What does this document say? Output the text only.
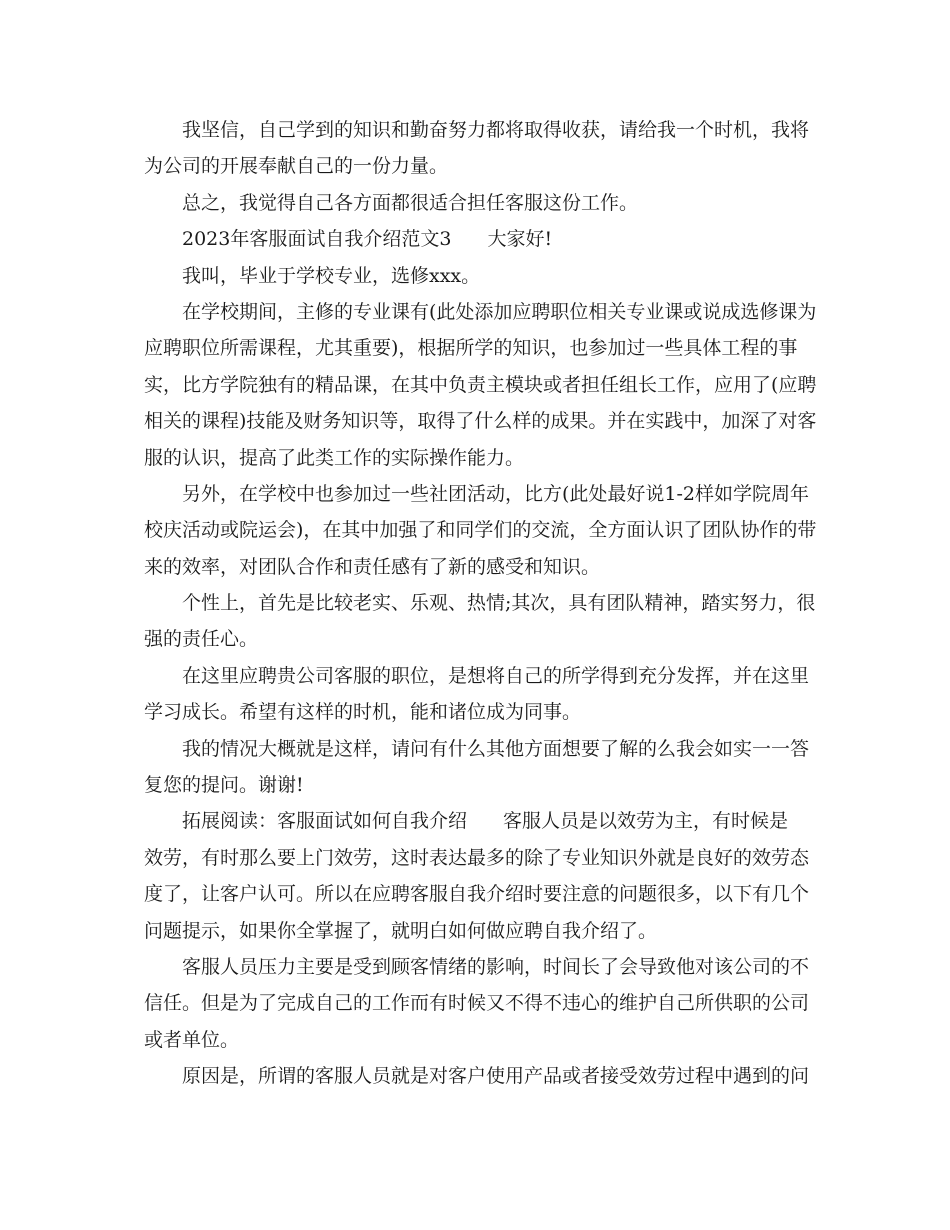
我坚信，自己学到的知识和勤奋努力都将取得收获，请给我一个时机，我将
为公司的开展奉献自己的一份力量。
总之，我觉得自己各方面都很适合担任客服这份工作。
2023年客服面试自我介绍范文3 大家好!
我叫，毕业于学校专业，选修xxx。
在学校期间，主修的专业课有(此处添加应聘职位相关专业课或说成选修课为
应聘职位所需课程，尤其重要)，根据所学的知识，也参加过一些具体工程的事
实，比方学院独有的精品课，在其中负责主模块或者担任组长工作，应用了(应聘
相关的课程)技能及财务知识等，取得了什么样的成果。并在实践中，加深了对客
服的认识，提高了此类工作的实际操作能力。
另外，在学校中也参加过一些社团活动，比方(此处最好说1-2样如学院周年
校庆活动或院运会)，在其中加强了和同学们的交流，全方面认识了团队协作的带
来的效率，对团队合作和责任感有了新的感受和知识。
个性上，首先是比较老实、乐观、热情;其次，具有团队精神，踏实努力，很
强的责任心。
在这里应聘贵公司客服的职位，是想将自己的所学得到充分发挥，并在这里
学习成长。希望有这样的时机，能和诸位成为同事。
我的情况大概就是这样，请问有什么其他方面想要了解的么我会如实一一答
复您的提问。谢谢!
拓展阅读：客服面试如何自我介绍 客服人员是以效劳为主，有时候是
效劳，有时那么要上门效劳，这时表达最多的除了专业知识外就是良好的效劳态
度了，让客户认可。所以在应聘客服自我介绍时要注意的问题很多，以下有几个
问题提示，如果你全掌握了，就明白如何做应聘自我介绍了。
客服人员压力主要是受到顾客情绪的影响，时间长了会导致他对该公司的不
信任。但是为了完成自己的工作而有时候又不得不违心的维护自己所供职的公司
或者单位。
原因是，所谓的客服人员就是对客户使用产品或者接受效劳过程中遇到的问
